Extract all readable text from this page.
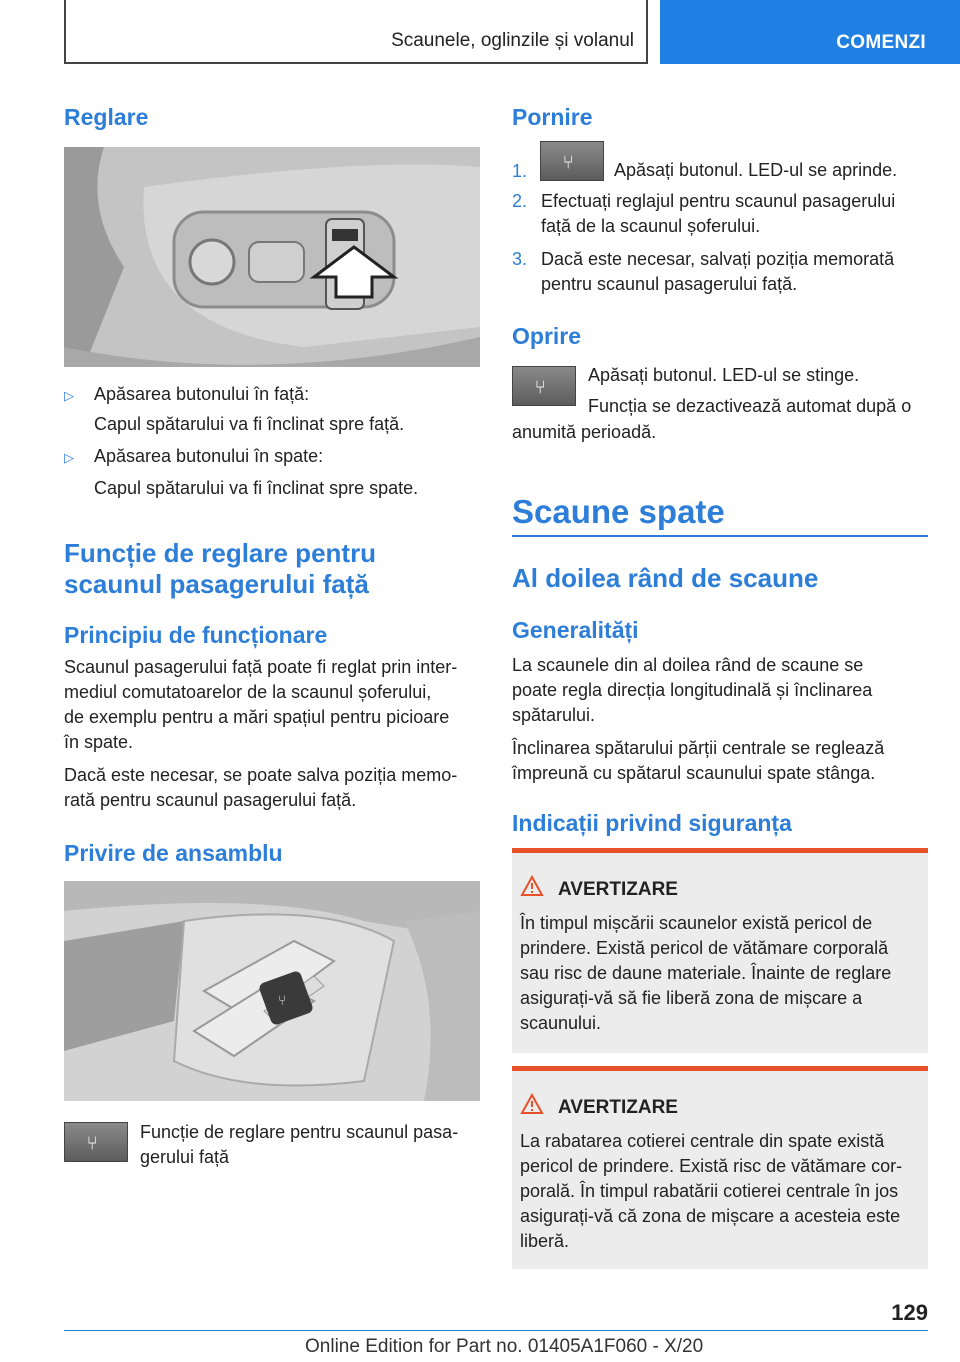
Scaunele, oglinzile și volanul	COMENZI
Reglare
▷ Apăsarea butonului în față:
Capul spătarului va fi înclinat spre față.
▷ Apăsarea butonului în spate:
Capul spătarului va fi înclinat spre spate.
Funcție de reglare pentru
scaunul pasagerului față
Principiu de funcționare
Scaunul pasagerului față poate fi reglat prin inter‐
mediul comutatoarelor de la scaunul șoferului,
de exemplu pentru a mări spațiul pentru picioare
în spate.
Dacă este necesar, se poate salva poziția memo‐
rată pentru scaunul pasagerului față.
Privire de ansamblu
⑂
⑂
Funcție de reglare pentru scaunul pasa‐
gerului față
Pornire
1. ⑂ Apăsați butonul. LED-ul se aprinde.
2. Efectuați reglajul pentru scaunul pasagerului
față de la scaunul șoferului.
3. Dacă este necesar, salvați poziția memorată
pentru scaunul pasagerului față.
Oprire
⑂
Apăsați butonul. LED-ul se stinge.
Funcția se dezactivează automat după o
anumită perioadă.
Scaune spate
Al doilea rând de scaune
Generalități
La scaunele din al doilea rând de scaune se
poate regla direcția longitudinală și înclinarea
spătarului.
Înclinarea spătarului părții centrale se reglează
împreună cu spătarul scaunului spate stânga.
Indicații privind siguranța
AVERTIZARE
În timpul mișcării scaunelor există pericol de
prindere. Există pericol de vătămare corporală
sau risc de daune materiale. Înainte de reglare
asigurați-vă să fie liberă zona de mișcare a
scaunului.
AVERTIZARE
La rabatarea cotierei centrale din spate există
pericol de prindere. Există risc de vătămare cor‐
porală. În timpul rabatării cotierei centrale în jos
asigurați-vă că zona de mișcare a acesteia este
liberă.
129
Online Edition for Part no. 01405A1F060 - X/20
